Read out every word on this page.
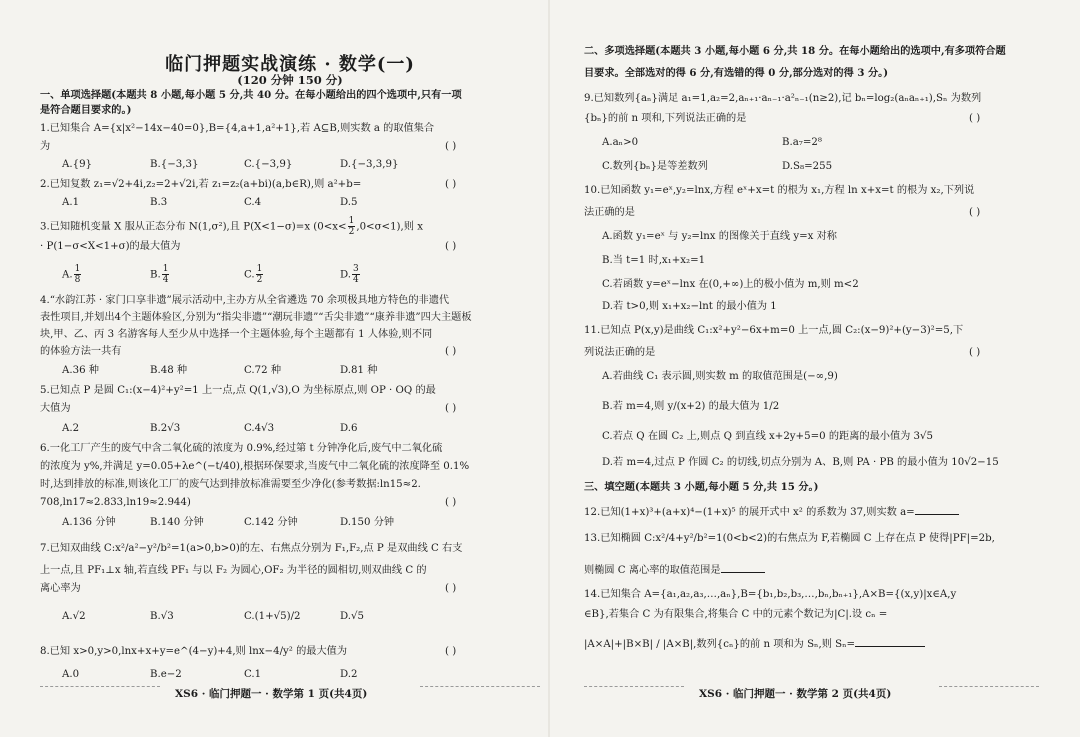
临门押题实战演练 · 数学(一)
(120 分钟 150 分)
一、单项选择题(本题共 8 小题,每小题 5 分,共 40 分。在每小题给出的四个选项中,只有一项
是符合题目要求的。)
1.已知集合 A={x|x²−14x−40=0},B={4,a+1,a²+1},若 A⊆B,则实数 a 的取值集合
为	( )
A.{9}	B.{−3,3}	C.{−3,9}	D.{−3,3,9}
2.已知复数 z₁=√2+4i,z₂=2+√2i,若 z₁=z₂(a+bi)(a,b∈R),则 a²+b=	( )
A.1	B.3	C.4	D.5
3.已知随机变量 X 服从正态分布 N(1,σ²),且 P(X<1−σ)=x $(0<x< \frac{1}{2} ,0<\sigma<1)$,则 x
· P(1−σ<X<1+σ)的最大值为	( )
A. $\frac{1}{8}$	B. $\frac{1}{4}$	C. $\frac{1}{2}$	D. $\frac{3}{4}$
4.“水韵江苏 · 家门口享非遗”展示活动中,主办方从全省遴选 70 余项极具地方特色的非遗代
表性项目,并划出4个主题体验区,分别为“指尖非遗”“潮玩非遗”“舌尖非遗”“康养非遗”四大主题板
块,甲、乙、丙 3 名游客每人至少从中选择一个主题体验,每个主题都有 1 人体验,则不同
的体验方法一共有	( )
A.36 种	B.48 种	C.72 种	D.81 种
5.已知点 P 是圆 C₁:(x−4)²+y²=1 上一点,点 Q(1,√3),O 为坐标原点,则 OP · OQ 的最
大值为	( )
A.2	B.2√3	C.4√3	D.6
6.一化工厂产生的废气中含二氧化硫的浓度为 0.9%,经过第 t 分钟净化后,废气中二氧化硫
的浓度为 y%,并满足 y=0.05+λe^(−t/40),根据环保要求,当废气中二氧化硫的浓度降至 0.1%
时,达到排放的标准,则该化工厂的废气达到排放标准需要至少净化(参考数据:ln15≈2.
708,ln17≈2.833,ln19≈2.944)	( )
A.136 分钟	B.140 分钟	C.142 分钟	D.150 分钟
7.已知双曲线 C:x²/a²−y²/b²=1(a>0,b>0)的左、右焦点分别为 F₁,F₂,点 P 是双曲线 C 右支
上一点,且 PF₁⊥x 轴,若直线 PF₁ 与以 F₂ 为圆心,OF₂ 为半径的圆相切,则双曲线 C 的
离心率为	( )
A.√2	B.√3	C.(1+√5)/2	D.√5
8.已知 x>0,y>0,lnx+x+y=e^(4−y)+4,则 lnx−4/y² 的最大值为	( )
A.0	B.e−2	C.1	D.2
XS6 · 临门押题一 · 数学第 1 页(共4页)
二、多项选择题(本题共 3 小题,每小题 6 分,共 18 分。在每小题给出的选项中,有多项符合题
目要求。全部选对的得 6 分,有选错的得 0 分,部分选对的得 3 分。)
9.已知数列{aₙ}满足 a₁=1,a₂=2,aₙ₊₁·aₙ₋₁·a²ₙ₋₁(n≥2),记 bₙ=log₂(aₙaₙ₊₁),Sₙ 为数列
{bₙ}的前 n 项和,下列说法正确的是	( )
A.aₙ>0	B.a₇=2⁸
C.数列{bₙ}是等差数列	D.S₈=255
10.已知函数 y₁=eˣ,y₂=lnx,方程 eˣ+x=t 的根为 x₁,方程 ln x+x=t 的根为 x₂,下列说
法正确的是	( )
A.函数 y₁=eˣ 与 y₂=lnx 的图像关于直线 y=x 对称
B.当 t=1 时,x₁+x₂=1
C.若函数 y=eˣ−lnx 在(0,+∞)上的极小值为 m,则 m<2
D.若 t>0,则 x₁+x₂−lnt 的最小值为 1
11.已知点 P(x,y)是曲线 C₁:x²+y²−6x+m=0 上一点,圆 C₂:(x−9)²+(y−3)²=5,下
列说法正确的是	( )
A.若曲线 C₁ 表示圆,则实数 m 的取值范围是(−∞,9)
B.若 m=4,则 y/(x+2) 的最大值为 1/2
C.若点 Q 在圆 C₂ 上,则点 Q 到直线 x+2y+5=0 的距离的最小值为 3√5
D.若 m=4,过点 P 作圆 C₂ 的切线,切点分别为 A、B,则 PA · PB 的最小值为 10√2−15
三、填空题(本题共 3 小题,每小题 5 分,共 15 分。)
12.已知(1+x)³+(a+x)⁴−(1+x)⁵ 的展开式中 x² 的系数为 37,则实数 a=
13.已知椭圆 C:x²/4+y²/b²=1(0<b<2)的右焦点为 F,若椭圆 C 上存在点 P 使得|PF|=2b,
则椭圆 C 离心率的取值范围是
14.已知集合 A={a₁,a₂,a₃,…,aₙ},B={b₁,b₂,b₃,…,bₙ,bₙ₊₁},A×B={(x,y)|x∈A,y
∈B},若集合 C 为有限集合,将集合 C 中的元素个数记为|C|.设 cₙ =
|A×A|+|B×B| / |A×B|,数列{cₙ}的前 n 项和为 Sₙ,则 Sₙ=
XS6 · 临门押题一 · 数学第 2 页(共4页)
